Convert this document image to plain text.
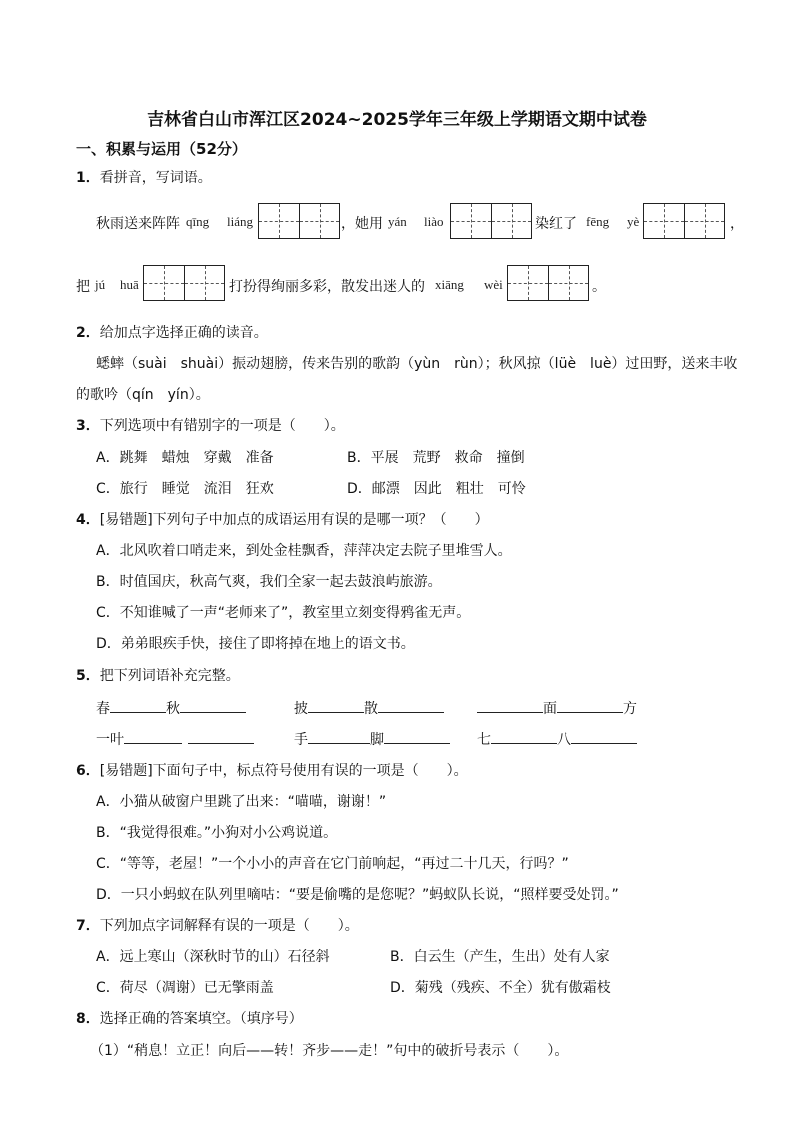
吉林省白山市浑江区2024~2025学年三年级上学期语文期中试卷
一、积累与运用（52分）
1．看拼音，写词语。
秋雨送来阵阵 qīng liáng	，她用 yán liào	染红了 fēng yè	，
把 jú huā	打扮得绚丽多彩，散发出迷人的 xiāng wèi	。
2．给加点字选择正确的读音。
蟋蟀（suài　shuài）振动翅膀，传来告别的歌韵（yùn　rùn）；秋风掠（lüè　luè）过田野，送来丰收
的歌吟（qín　yín）。
3．下列选项中有错别字的一项是（　　）。
A．跳舞　蜡烛　穿戴　准备	B．平展　荒野　救命　撞倒
C．旅行　睡觉　流泪　狂欢	D．邮漂　因此　粗壮　可怜
4．[易错题]下列句子中加点的成语运用有误的是哪一项？（　　）
A．北风吹着口哨走来，到处金桂飘香，萍萍决定去院子里堆雪人。
B．时值国庆，秋高气爽，我们全家一起去鼓浪屿旅游。
C．不知谁喊了一声“老师来了”，教室里立刻变得鸦雀无声。
D．弟弟眼疾手快，接住了即将掉在地上的语文书。
5．把下列词语补充完整。
春	秋	披	散	面	方
一叶	手	脚	七	八
6．[易错题]下面句子中，标点符号使用有误的一项是（　　）。
A．小猫从破窗户里跳了出来：“喵喵，谢谢！”
B．“我觉得很难。”小狗对小公鸡说道。
C．“等等，老屋！”一个小小的声音在它门前响起，“再过二十几天，行吗？”
D．一只小蚂蚁在队列里嘀咕：“要是偷嘴的是您呢？”蚂蚁队长说，“照样要受处罚。”
7．下列加点字词解释有误的一项是（　　）。
A．远上寒山（深秋时节的山）石径斜	B．白云生（产生，生出）处有人家
C．荷尽（凋谢）已无擎雨盖	D．菊残（残疾、不全）犹有傲霜枝
8．选择正确的答案填空。（填序号）
（1）“稍息！立正！向后——转！齐步——走！”句中的破折号表示（　　）。
